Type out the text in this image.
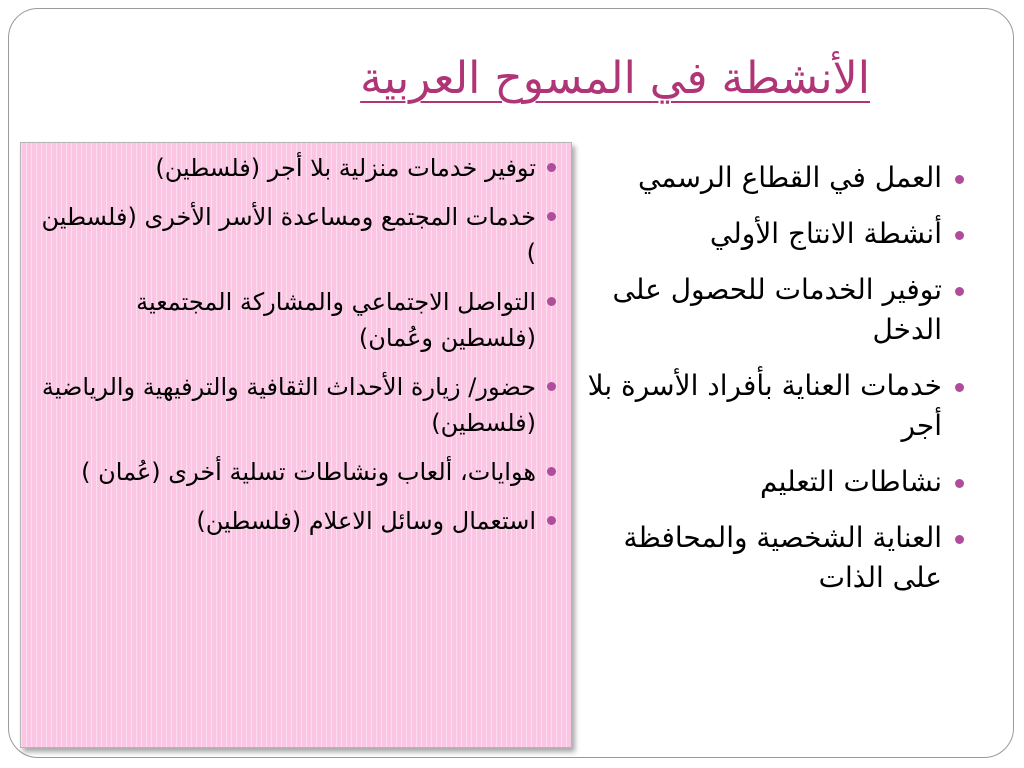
الأنشطة في المسوح العربية
توفير خدمات منزلية بلا أجر (فلسطين)
خدمات المجتمع ومساعدة الأسر الأخرى (فلسطين )
التواصل الاجتماعي والمشاركة المجتمعية (فلسطين وعُمان)
حضور/ زيارة الأحداث الثقافية والترفيهية والرياضية (فلسطين)
هوايات، ألعاب ونشاطات تسلية أخرى (عُمان )
استعمال وسائل الاعلام (فلسطين)
العمل في القطاع الرسمي
أنشطة الانتاج الأولي
توفير الخدمات للحصول على الدخل
خدمات العناية بأفراد الأسرة بلا أجر
نشاطات التعليم
العناية الشخصية والمحافظة على الذات
